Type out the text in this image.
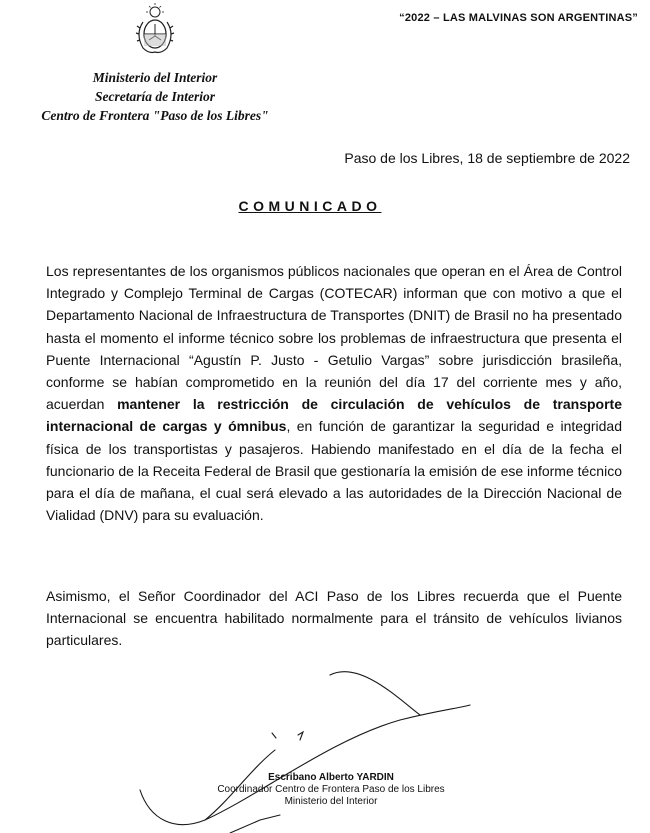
“2022 – LAS MALVINAS SON ARGENTINAS”
Ministerio del Interior
Secretaría de Interior
Centro de Frontera "Paso de los Libres"
Paso de los Libres, 18 de septiembre de 2022
COMUNICADO
Los representantes de los organismos públicos nacionales que operan en el Área de Control Integrado y Complejo Terminal de Cargas (COTECAR) informan que con motivo a que el Departamento Nacional de Infraestructura de Transportes (DNIT) de Brasil no ha presentado hasta el momento el informe técnico sobre los problemas de infraestructura que presenta el Puente Internacional “Agustín P. Justo - Getulio Vargas” sobre jurisdicción brasileña, conforme se habían comprometido en la reunión del día 17 del corriente mes y año, acuerdan mantener la restricción de circulación de vehículos de transporte internacional de cargas y ómnibus, en función de garantizar la seguridad e integridad física de los transportistas y pasajeros. Habiendo manifestado en el día de la fecha el funcionario de la Receita Federal de Brasil que gestionaría la emisión de ese informe técnico para el día de mañana, el cual será elevado a las autoridades de la Dirección Nacional de Vialidad (DNV) para su evaluación.
Asimismo, el Señor Coordinador del ACI Paso de los Libres recuerda que el Puente Internacional se encuentra habilitado normalmente para el tránsito de vehículos livianos particulares.
Escribano Alberto YARDIN
Coordinador Centro de Frontera Paso de los Libres
Ministerio del Interior
